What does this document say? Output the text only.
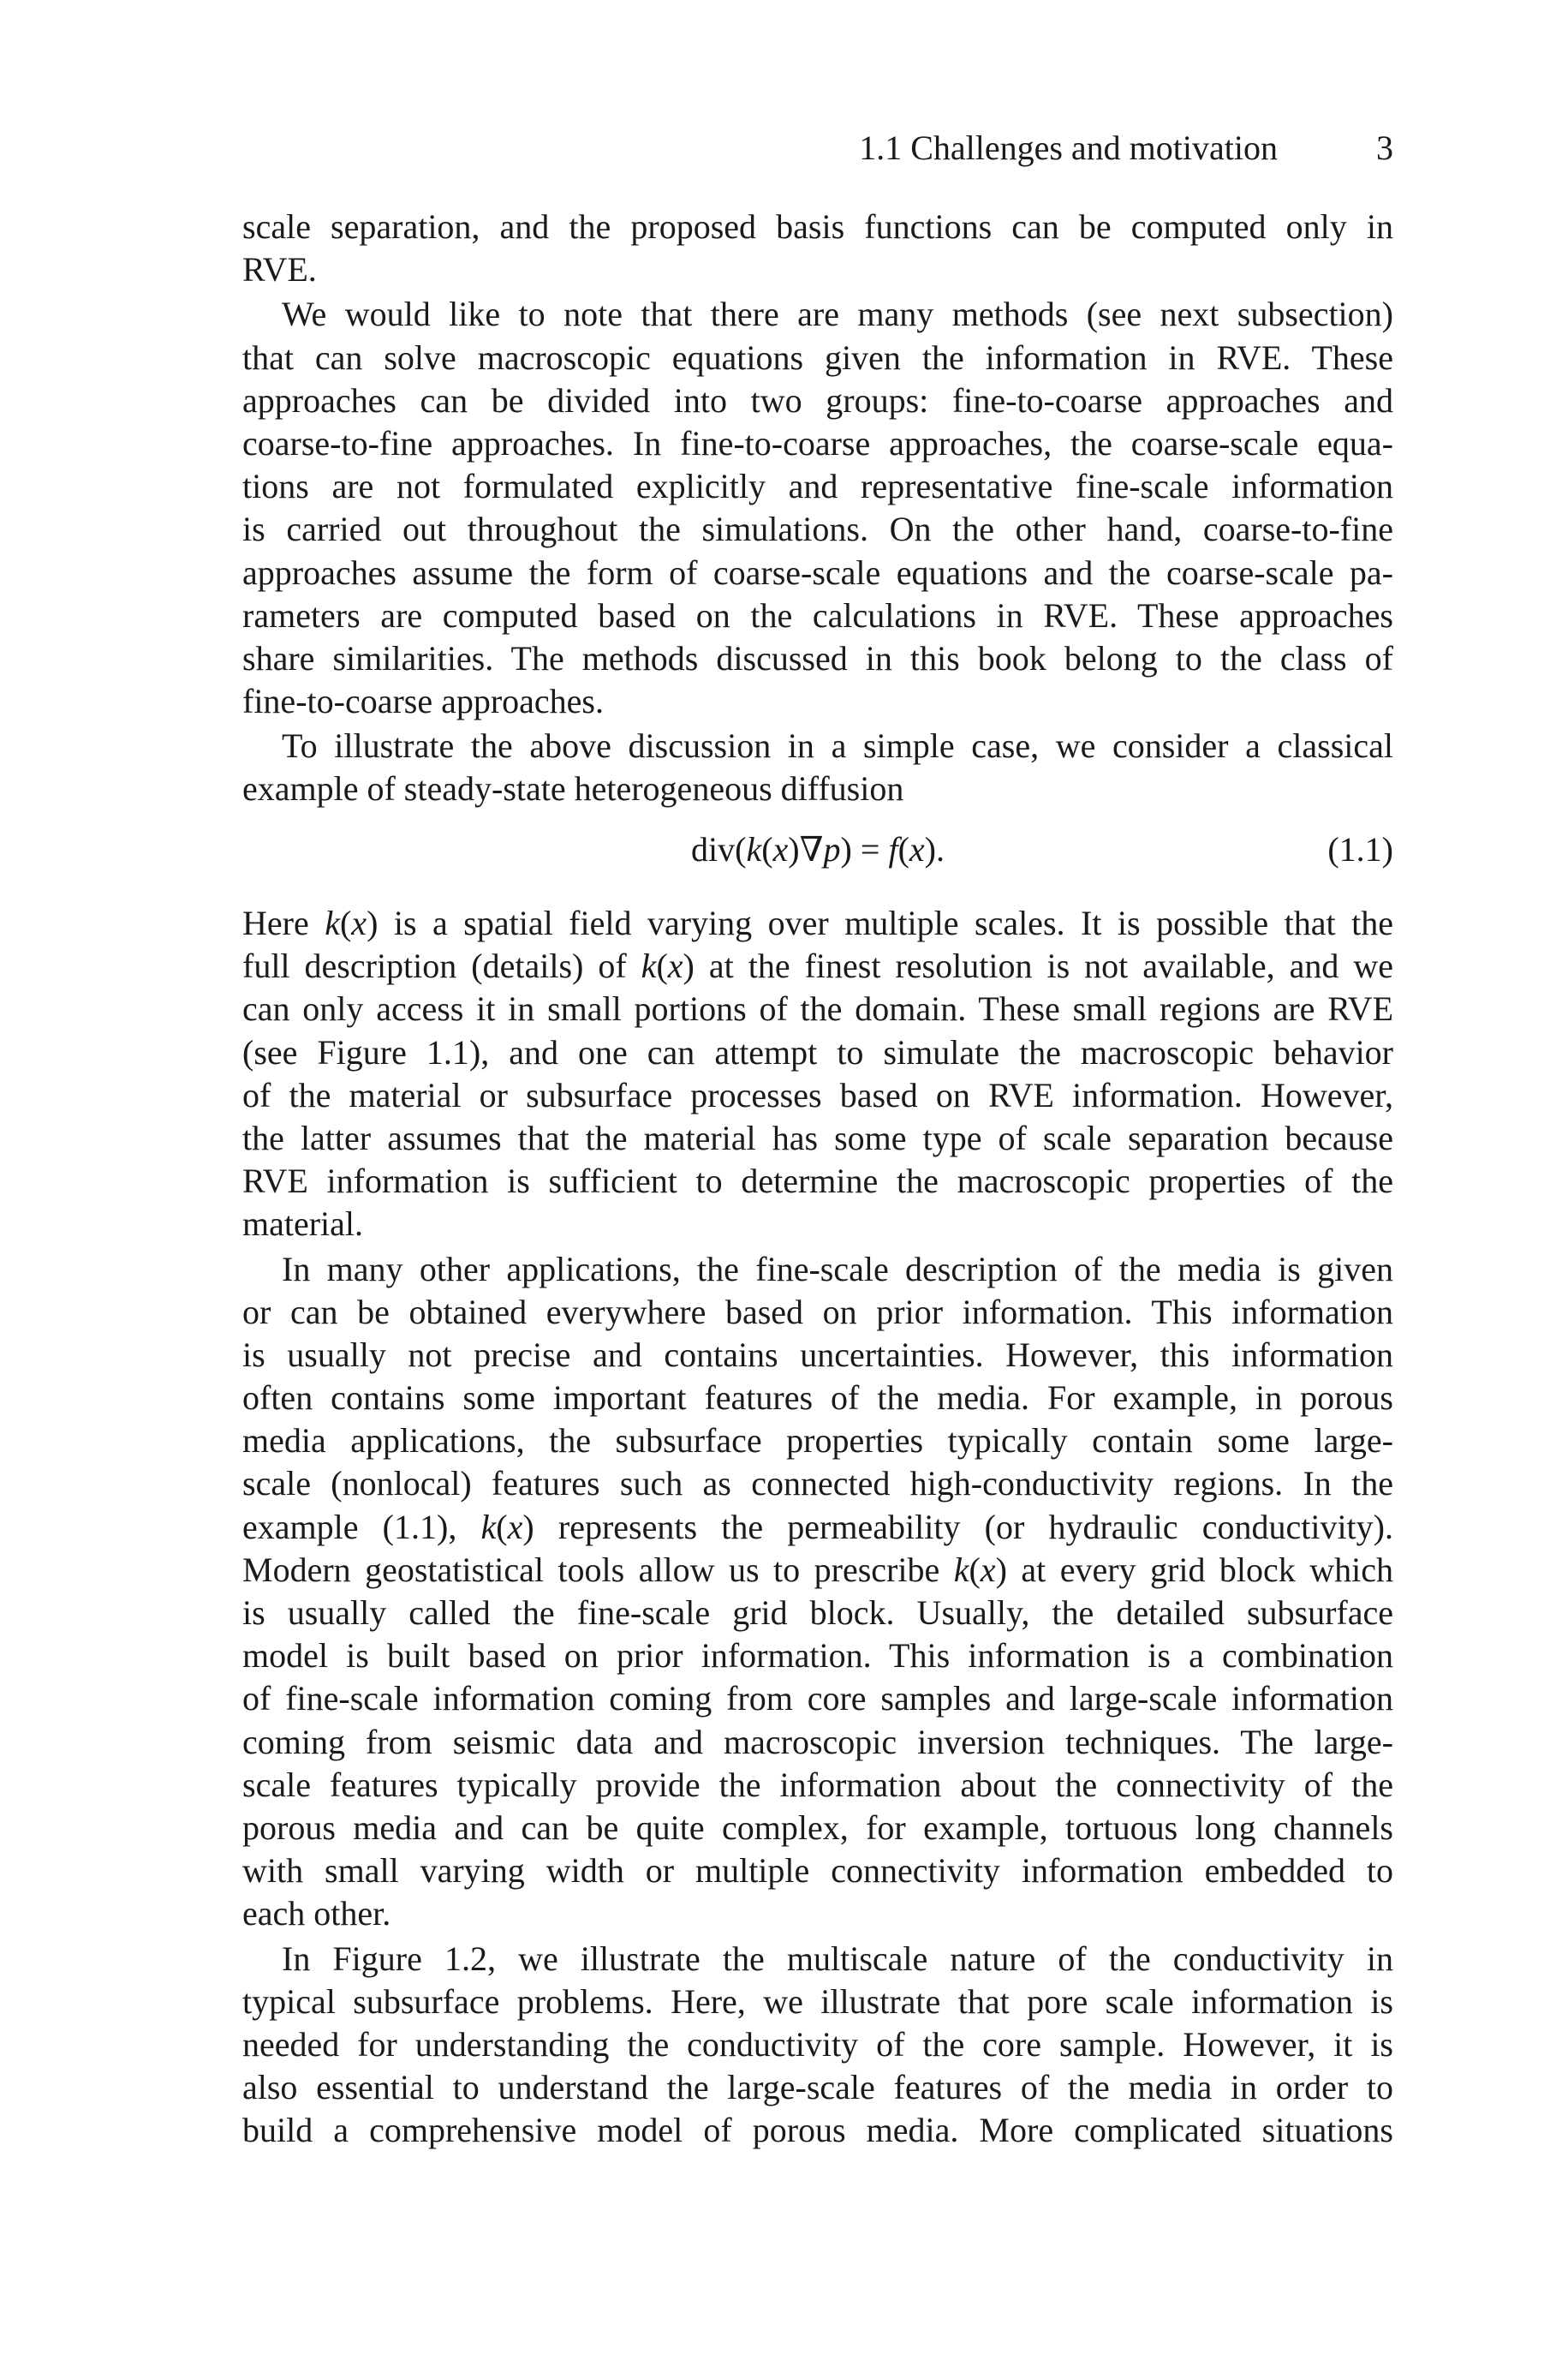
1.1 Challenges and motivation	3
scale separation, and the proposed basis functions can be computed only in
RVE.
We would like to note that there are many methods (see next subsection)
that can solve macroscopic equations given the information in RVE. These
approaches can be divided into two groups: fine-to-coarse approaches and
coarse-to-fine approaches. In fine-to-coarse approaches, the coarse-scale equa-
tions are not formulated explicitly and representative fine-scale information
is carried out throughout the simulations. On the other hand, coarse-to-fine
approaches assume the form of coarse-scale equations and the coarse-scale pa-
rameters are computed based on the calculations in RVE. These approaches
share similarities. The methods discussed in this book belong to the class of
fine-to-coarse approaches.
To illustrate the above discussion in a simple case, we consider a classical
example of steady-state heterogeneous diffusion
div(k(x)∇p) = f(x).	(1.1)
Here k(x) is a spatial field varying over multiple scales. It is possible that the
full description (details) of k(x) at the finest resolution is not available, and we
can only access it in small portions of the domain. These small regions are RVE
(see Figure 1.1), and one can attempt to simulate the macroscopic behavior
of the material or subsurface processes based on RVE information. However,
the latter assumes that the material has some type of scale separation because
RVE information is sufficient to determine the macroscopic properties of the
material.
In many other applications, the fine-scale description of the media is given
or can be obtained everywhere based on prior information. This information
is usually not precise and contains uncertainties. However, this information
often contains some important features of the media. For example, in porous
media applications, the subsurface properties typically contain some large-
scale (nonlocal) features such as connected high-conductivity regions. In the
example (1.1), k(x) represents the permeability (or hydraulic conductivity).
Modern geostatistical tools allow us to prescribe k(x) at every grid block which
is usually called the fine-scale grid block. Usually, the detailed subsurface
model is built based on prior information. This information is a combination
of fine-scale information coming from core samples and large-scale information
coming from seismic data and macroscopic inversion techniques. The large-
scale features typically provide the information about the connectivity of the
porous media and can be quite complex, for example, tortuous long channels
with small varying width or multiple connectivity information embedded to
each other.
In Figure 1.2, we illustrate the multiscale nature of the conductivity in
typical subsurface problems. Here, we illustrate that pore scale information is
needed for understanding the conductivity of the core sample. However, it is
also essential to understand the large-scale features of the media in order to
build a comprehensive model of porous media. More complicated situations
